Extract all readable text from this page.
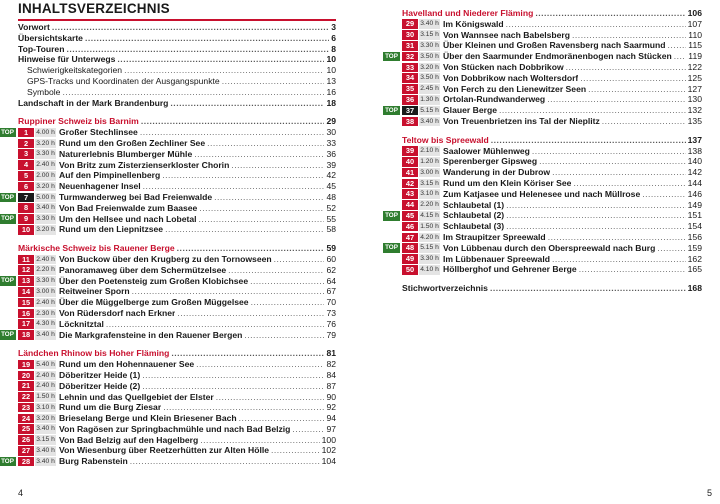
INHALTSVERZEICHNIS
Vorwort .....	3
Übersichtskarte .....	6
Top-Touren .....	8
Hinweise für Unterwegs .....	10
Schwierigkeitskategorien .....	10
GPS-Tracks und Koordinaten der Ausgangspunkte .....	13
Symbole .....	16
Landschaft in der Mark Brandenburg .....	18
Ruppiner Schweiz bis Barnim .....	29
TOP	1	4.00 h Großer Stechlinsee .....	30
2	3.20 h Rund um den Großen Zechliner See .....	33
3	3.30 h Naturerlebnis Blumberger Mühle .....	36
4	2.40 h Von Britz zum Zisterzienserkloster Chorin .....	39
5	2.00 h Auf den Pimpinellenberg .....	42
6	3.20 h Neuenhagener Insel .....	45
TOP	7	5.00 h Turmwanderweg bei Bad Freienwalde .....	48
8	3.40 h Von Bad Freienwalde zum Baasee .....	52
TOP	9	3.30 h Um den Hellsee und nach Lobetal .....	55
10 3.20 h Rund um den Liepnitzsee .....	58
Märkische Schweiz bis Rauener Berge .....	59
11 2.40 h Von Buckow über den Krugberg zu den Tornowseen .....	60
12 2.20 h Panoramaweg über dem Schermützelsee .....	62
TOP	13 3.30 h Über den Poetensteig zum Großen Klobichsee .....	64
14 3.00 h Reitweiner Sporn .....	67
15 2.40 h Über die Müggelberge zum Großen Müggelsee .....	70
16 2.30 h Von Rüdersdorf nach Erkner .....	73
17 4.30 h Löcknitztal .....	76
TOP	18 3.40 h Die Markgrafensteine in den Rauener Bergen .....	79
Ländchen Rhinow bis Hoher Fläming .....	81
19 5.40 h Rund um den Hohennauener See .....	82
20 2.40 h Döberitzer Heide (1) .....	84
21 2.40 h Döberitzer Heide (2) .....	87
22 1.50 h Lehnin und das Quellgebiet der Elster .....	90
23 3.10 h Rund um die Burg Ziesar .....	92
24 3.20 h Brieselang Berge und Klein Briesener Bach .....	94
25 3.40 h Von Ragösen zur Springbachmühle und nach Bad Belzig .....	97
26 3.15 h Von Bad Belzig auf den Hagelberg .....	100
27 3.40 h Von Wiesenburg über Reetzerhütten zur Alten Hölle .....	102
TOP	28 3.40 h Burg Rabenstein .....	104
4
Havelland und Niederer Fläming .....	106
29 3.40 h Im Königswald .....	107
30 3.15 h Von Wannsee nach Babelsberg .....	110
31 3.30 h Über Kleinen und Großen Ravensberg nach Saarmund .....	115
TOP	32 3.50 h Über den Saarmunder Endmoränenbogen nach Stücken ..... 119
33 3.20 h Von Stücken nach Dobbrikow .....	122
34 3.50 h Von Dobbrikow nach Woltersdorf .....	125
35 2.45 h Von Ferch zu den Lienewitzer Seen .....	127
36 1.30 h Ortolan-Rundwanderweg .....	130
TOP	37 5.15 h Glauer Berge .....	132
38 3.40 h Von Treuenbrietzen ins Tal der Nieplitz .....	135
Teltow bis Spreewald .....	137
39 2.10 h Saalower Mühlenweg .....	138
40 1.20 h Sperenberger Gipsweg .....	140
41 3.00 h Wanderung in der Dubrow .....	142
42 3.15 h Rund um den Klein Köriser See .....	144
43 3.10 h Zum Katjasee und Helenesee und nach Müllrose .....	146
44 2.20 h Schlaubetal (1) .....	149
TOP	45 4.15 h Schlaubetal (2) .....	151
46 1.50 h Schlaubetal (3) .....	154
47 4.20 h Im Straupitzer Spreewald .....	156
TOP	48 5.15 h Von Lübbenau durch den Oberspreewald nach Burg .....	159
49 3.30 h Im Lübbenauer Spreewald .....	162
50 4.10 h Höllberghof und Gehrener Berge .....	165
Stichwortverzeichnis .....	168
5
